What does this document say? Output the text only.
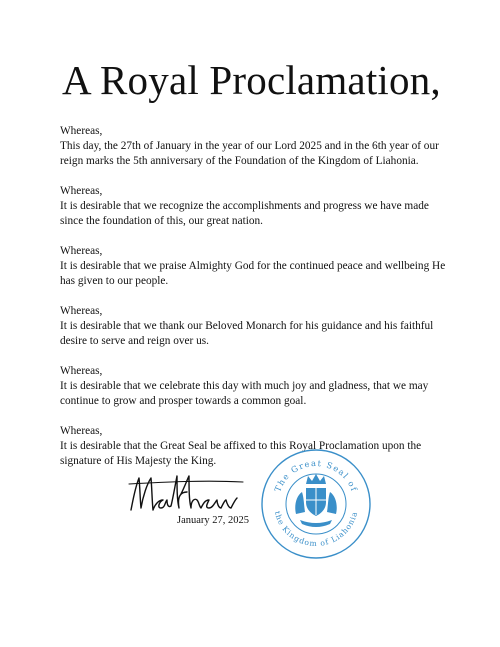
A Royal Proclamation,

Whereas,

This day, the 27th of January in the year of our Lord 2025 and in the 6th year of our reign marks the 5th anniversary of the Foundation of the Kingdom of Liahonia.

Whereas,

It is desirable that we recognize the accomplishments and progress we have made since the foundation of this, our great nation.

Whereas,

It is desirable that we praise Almighty God for the continued peace and wellbeing He has given to our people.

Whereas,

It is desirable that we thank our Beloved Monarch for his guidance and his faithful desire to serve and reign over us.

Whereas,

It is desirable that we celebrate this day with much joy and gladness, that we may continue to grow and prosper towards a common goal.

Whereas,

It is desirable that the Great Seal be affixed to this Royal Proclamation upon the signature of His Majesty the King.

January 27, 2025
The Great Seal of
the Kingdom of Liahonia
